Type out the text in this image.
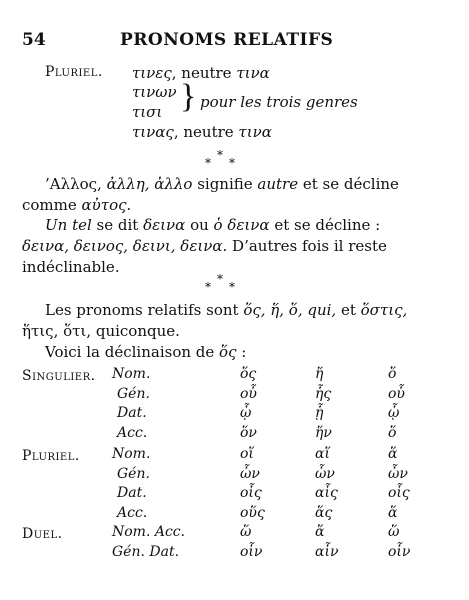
54	PRONOMS RELATIFS
Pluriel. τινες, neutre τινα
τινων
τισι } pour les trois genres
τινας, neutre τινα
*
* *
’Αλλος, ἀλλη, ἀλλο signifie autre et se décline
comme αὐτος.
Un tel se dit δεινα ou ὁ δεινα et se décline :
δεινα, δεινος, δεινι, δεινα. D’autres fois il reste
indéclinable.
*
* *
Les pronoms relatifs sont ὅς, ἥ, ὅ, qui, et ὅστις,
ἥτις, ὅτι, quiconque.
Voici la déclinaison de ὅς :
Singulier. Nom.	ὅς	ἥ	ὅ
Gén.	οὗ	ἧς	οὗ
Dat.	ᾧ	ᾗ	ᾧ
Acc.	ὅν	ἥν	ὅ
Pluriel. Nom.	οἵ	αἵ	ἅ
Gén.	ὧν	ὧν	ὧν
Dat.	οἷς	αἷς	οἷς
Acc.	οὕς	ἅς	ἅ
Duel.	Nom. Acc.	ὥ	ἅ	ὥ
Gén. Dat.	οἷν	αἷν	οἷν
